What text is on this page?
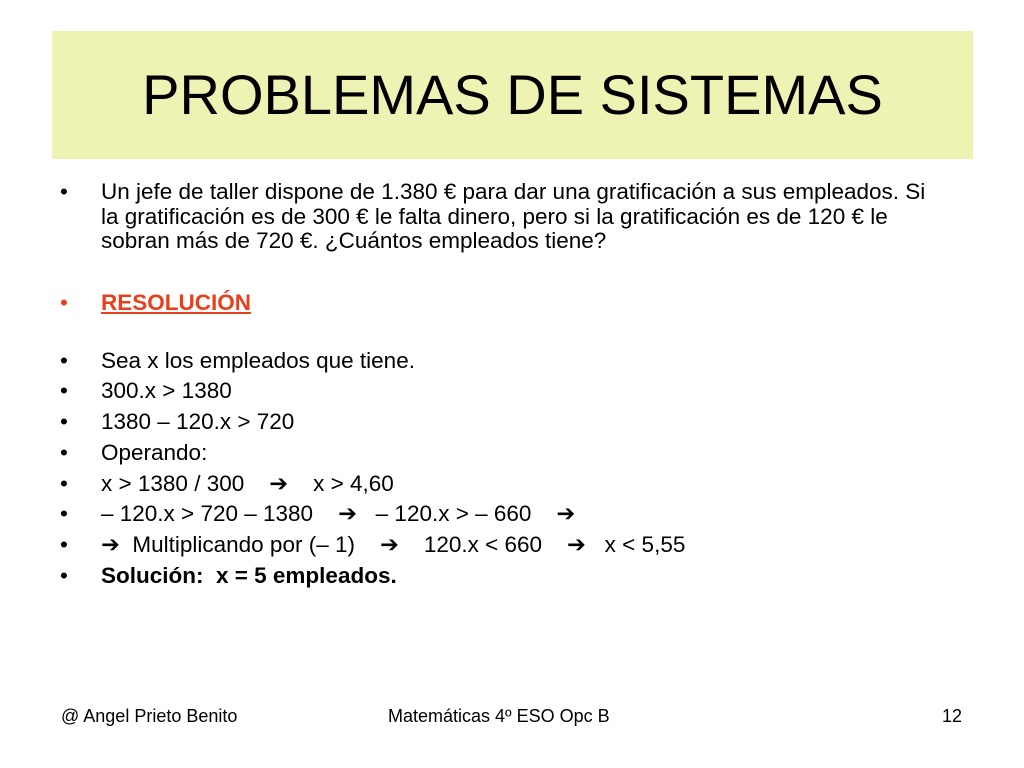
PROBLEMAS DE SISTEMAS
• Un jefe de taller dispone de 1.380 € para dar una gratificación a sus empleados. Si la gratificación es de 300 € le falta dinero, pero si la gratificación es de 120 € le sobran más de 720 €. ¿Cuántos empleados tiene?
• RESOLUCIÓN
• Sea x los empleados que tiene.
• 300.x > 1380
• 1380 – 120.x > 720
• Operando:
• x > 1380 / 300    ➔    x > 4,60
• – 120.x > 720 – 1380    ➔   – 120.x > – 660    ➔
• ➔  Multiplicando por (– 1)    ➔    120.x < 660    ➔   x < 5,55
• Solución:  x = 5 empleados.
@ Angel Prieto Benito	Matemáticas 4º ESO Opc B	12
